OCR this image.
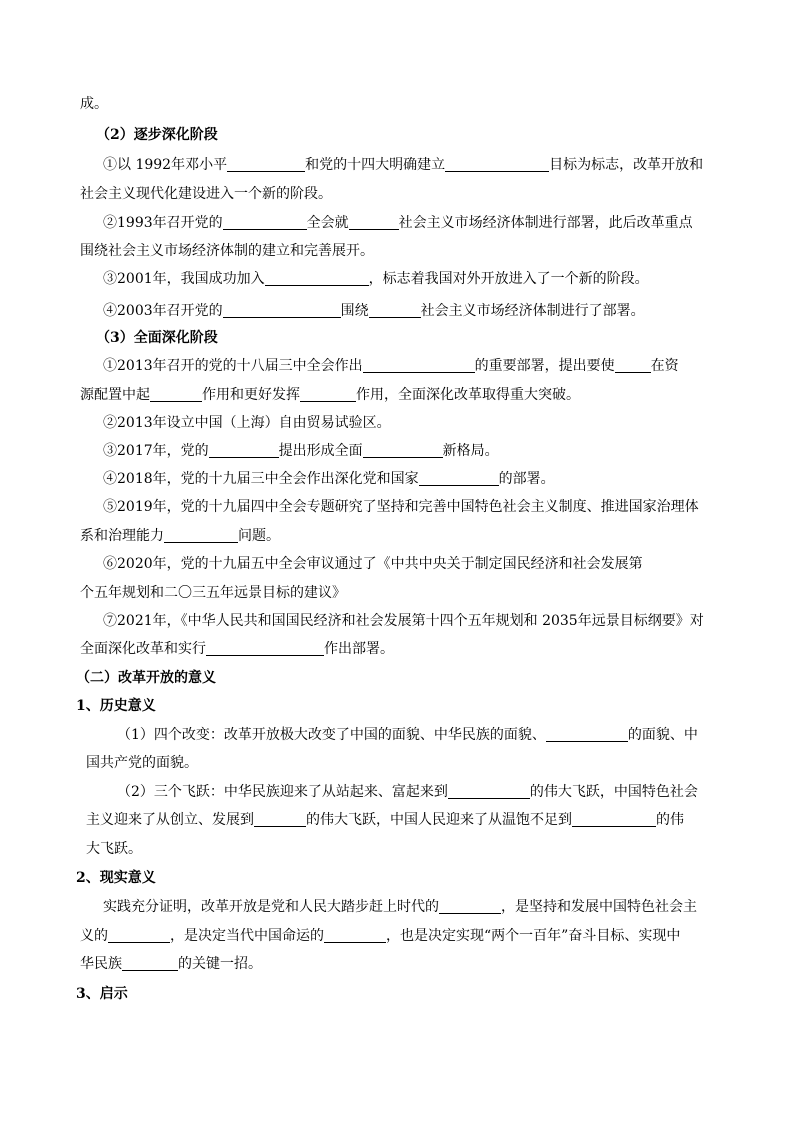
成。
（2）逐步深化阶段
①以 1992年邓小平	和党的十四大明确建立	目标为标志，改革开放和
社会主义现代化建设进入一个新的阶段。
②1993年召开党的	全会就	社会主义市场经济体制进行部署，此后改革重点
围绕社会主义市场经济体制的建立和完善展开。
③2001年，我国成功加入	，标志着我国对外开放进入了一个新的阶段。
④2003年召开党的	围绕	社会主义市场经济体制进行了部署。
（3）全面深化阶段
①2013年召开的党的十八届三中全会作出	的重要部署，提出要使	在资
源配置中起	作用和更好发挥	作用，全面深化改革取得重大突破。
②2013年设立中国（上海）自由贸易试验区。
③2017年，党的	提出形成全面	新格局。
④2018年，党的十九届三中全会作出深化党和国家	的部署。
⑤2019年，党的十九届四中全会专题研究了坚持和完善中国特色社会主义制度、推进国家治理体
系和治理能力	问题。
⑥2020年，党的十九届五中全会审议通过了《中共中央关于制定国民经济和社会发展第
个五年规划和二〇三五年远景目标的建议》
⑦2021年，《中华人民共和国国民经济和社会发展第十四个五年规划和 2035年远景目标纲要》对
全面深化改革和实行	作出部署。
（二）改革开放的意义
1、历史意义
（1）四个改变：改革开放极大改变了中国的面貌、中华民族的面貌、	的面貌、中
国共产党的面貌。
（2）三个飞跃：中华民族迎来了从站起来、富起来到	的伟大飞跃，中国特色社会
主义迎来了从创立、发展到	的伟大飞跃，中国人民迎来了从温饱不足到	的伟
大飞跃。
2、现实意义
实践充分证明，改革开放是党和人民大踏步赶上时代的	，是坚持和发展中国特色社会主
义的	，是决定当代中国命运的	，也是决定实现“两个一百年”奋斗目标、实现中
华民族	的关键一招。
3、启示
